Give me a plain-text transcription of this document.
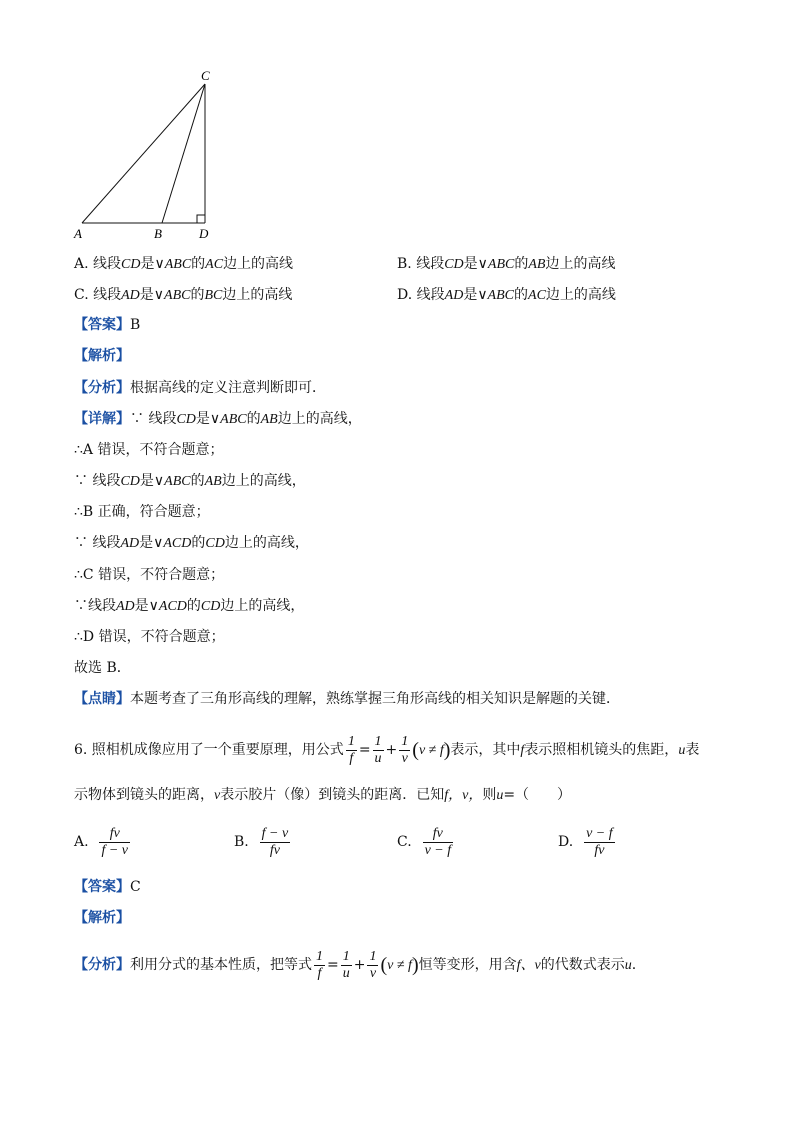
C
A	B	D
A. 线段CD是∨ABC的AC边上的高线	B. 线段CD是∨ABC的AB边上的高线
C. 线段AD是∨ABC的BC边上的高线	D. 线段AD是∨ABC的AC边上的高线
【答案】B
【解析】
【分析】根据高线的定义注意判断即可．
【详解】∵ 线段CD是∨ABC的AB边上的高线，
∴A 错误，不符合题意；
∵ 线段CD是∨ABC的AB边上的高线，
∴B 正确，符合题意；
∵ 线段AD是∨ACD的CD边上的高线，
∴C 错误，不符合题意；
∵线段AD是∨ACD的CD边上的高线，
∴D 错误，不符合题意；
故选 B．
【点睛】本题考查了三角形高线的理解，熟练掌握三角形高线的相关知识是解题的关键．
6. 照相机成像应用了一个重要原理，用公式 $\frac{1}{f} = \frac{1}{u} + \frac{1}{v} (v \ne f)$表示，其中f表示照相机镜头的焦距，u表
示物体到镜头的距离，v表示胶片（像）到镜头的距离．已知f，v，则u=（　　）
A. $\frac{fv}{f - v}$	B. $\frac{f - v}{fv}$	C. $\frac{fv}{v - f}$	D. $\frac{v - f}{fv}$
【答案】C
【解析】
【分析】利用分式的基本性质，把等式 $\frac{1}{f} = \frac{1}{u} + \frac{1}{v} (v \ne f)$恒等变形，用含f、v的代数式表示u.
